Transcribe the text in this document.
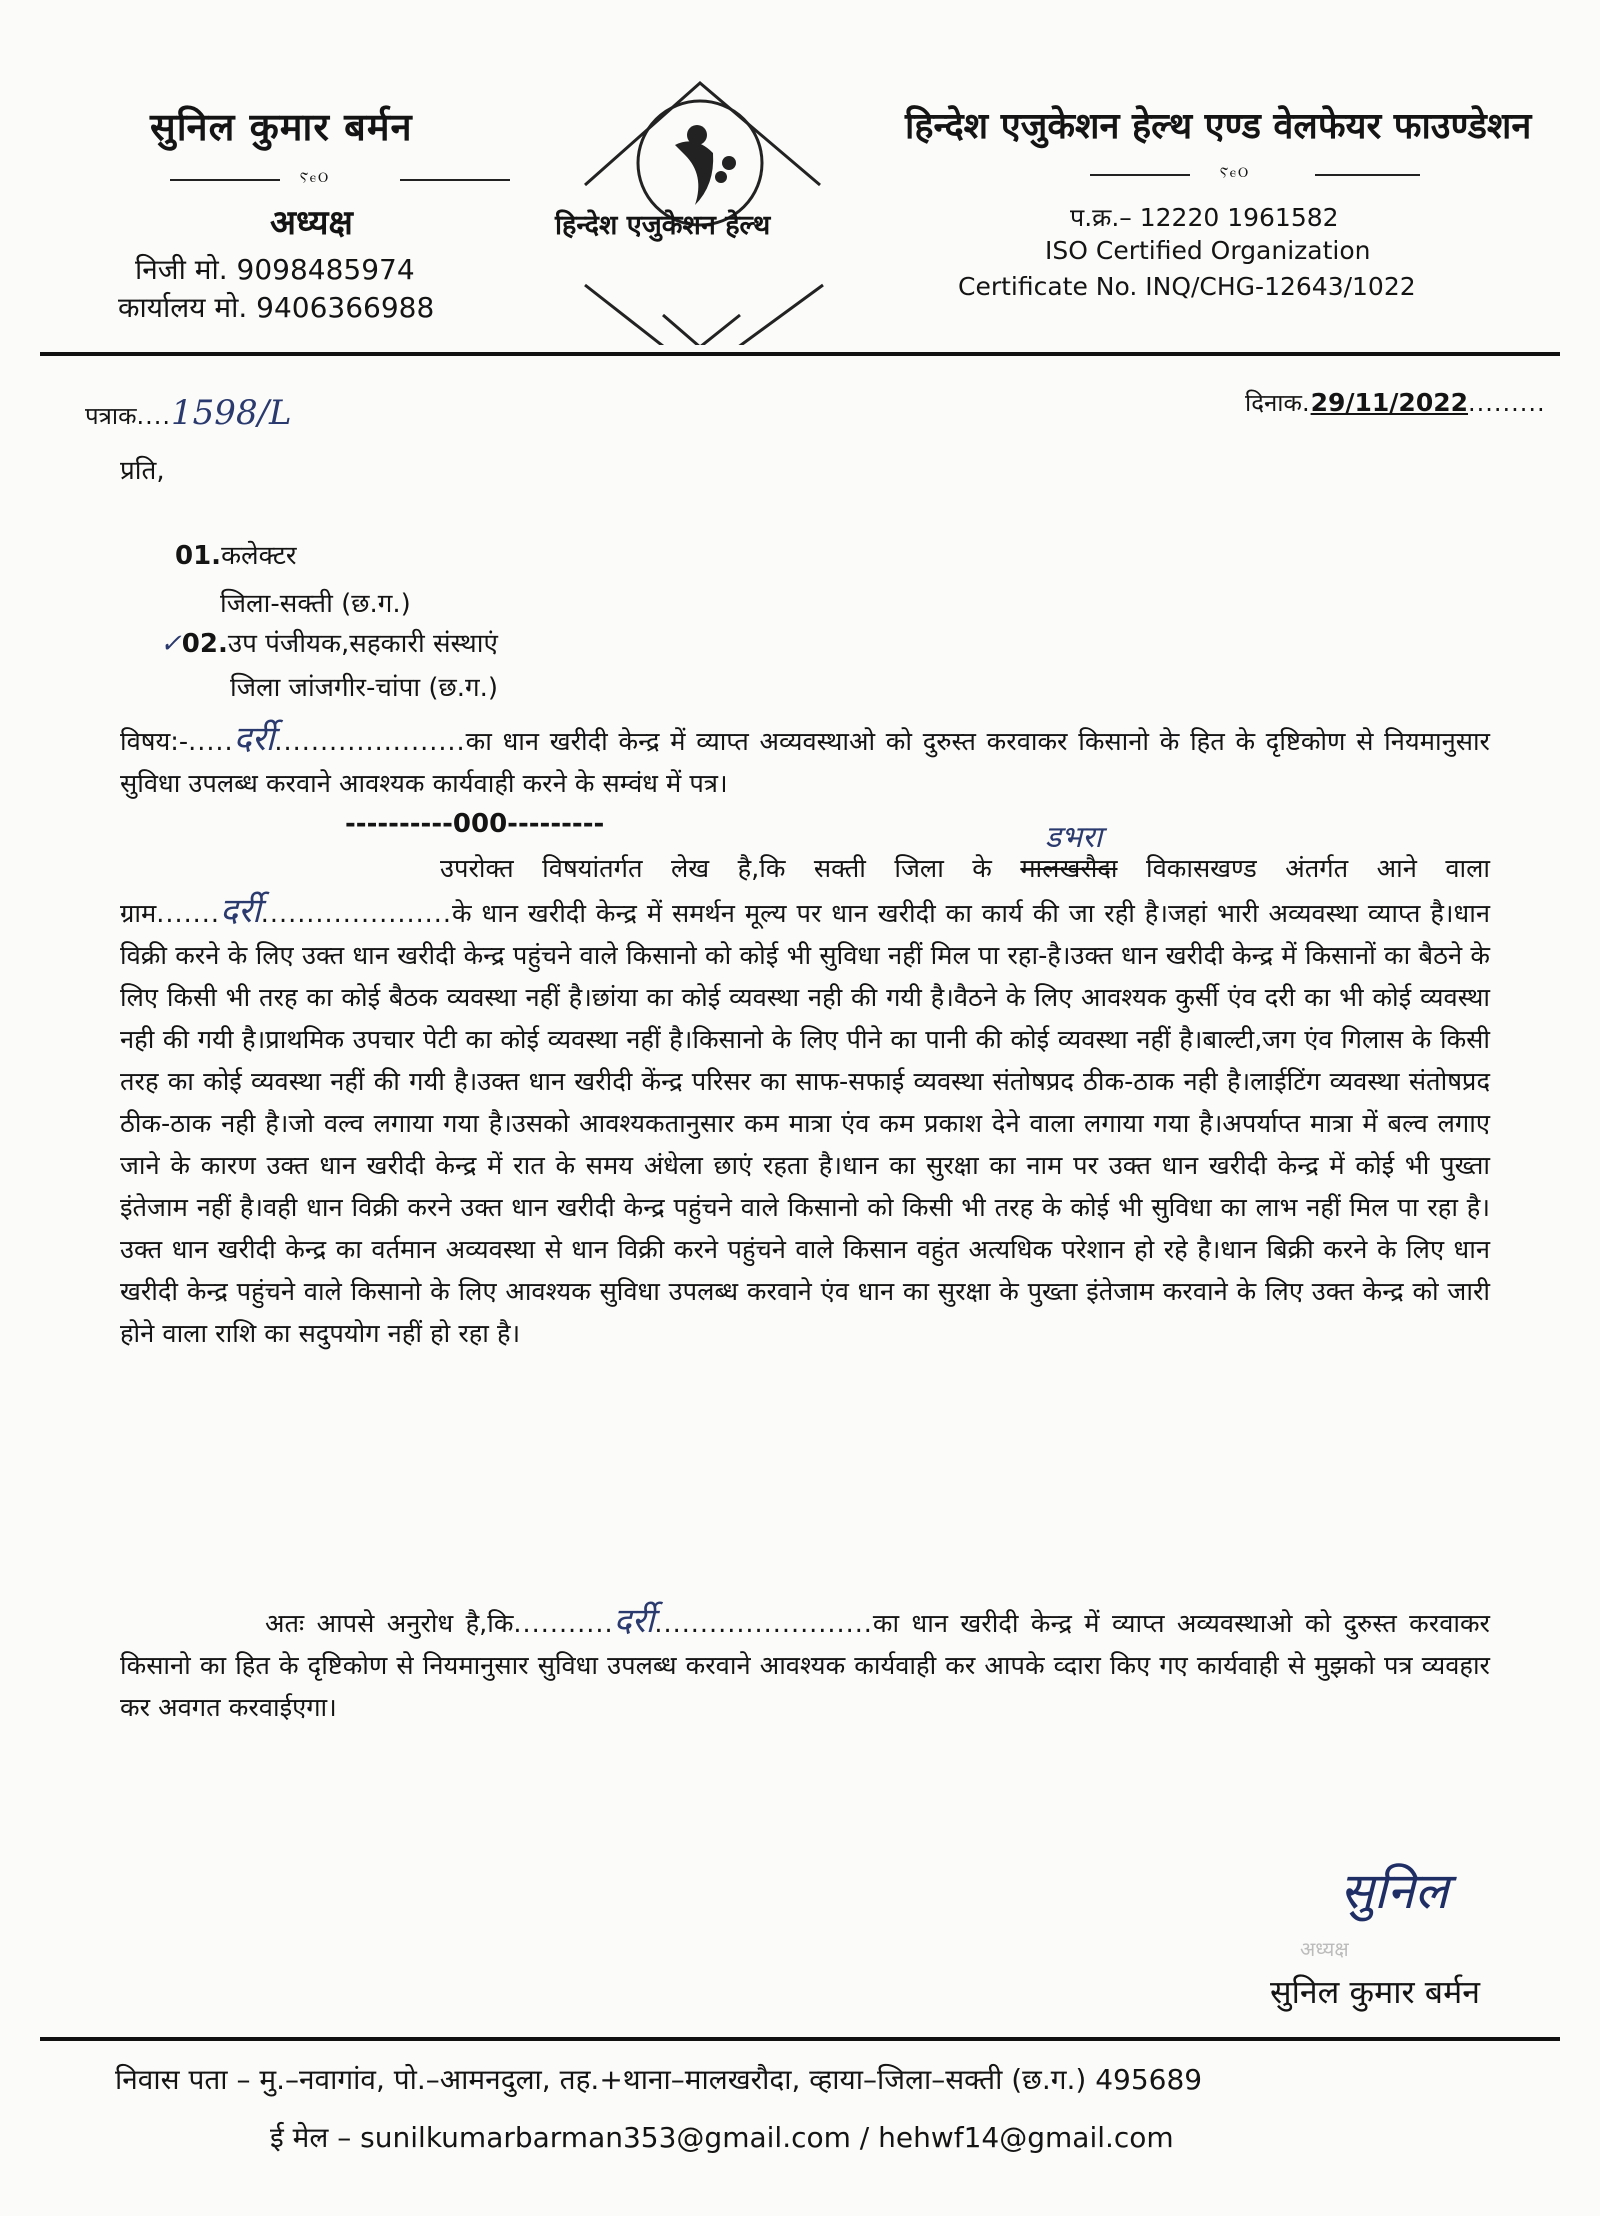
सुनिल कुमार बर्मन
ⲊⲉⲞ
अध्यक्ष
निजी मो. 9098485974
कार्यालय मो. 9406366988
हिन्देश एजुकेशन हेल्थ
हिन्देश एजुकेशन हेल्थ एण्ड वेलफेयर फाउण्डेशन
ⲊⲉⲞ
प.क्र.– 12220 1961582
ISO Certified Organization
Certificate No. INQ/CHG-12643/1022
पत्राक....1598/L	दिनाक.29/11/2022.........
प्रति,
01.कलेक्टर
जिला-सक्ती (छ.ग.)
✓02.उप पंजीयक,सहकारी संस्थाएं
जिला जांजगीर-चांपा (छ.ग.)
विषय:-.....दर्री.....................का धान खरीदी केन्द्र में व्याप्त अव्यवस्थाओ को दुरुस्त करवाकर किसानो के हित के दृष्टिकोण से नियमानुसार सुविधा उपलब्ध करवाने आवश्यक कार्यवाही करने के सम्वंध में पत्र।
----------000---------	डभरा
उपरोक्त विषयांतर्गत लेख है,कि सक्ती जिला के मालखरौदा विकासखण्ड अंतर्गत आने वाला ग्राम.......दर्री.....................के धान खरीदी केन्द्र में समर्थन मूल्य पर धान खरीदी का कार्य की जा रही है।जहां भारी अव्यवस्था व्याप्त है।धान विक्री करने के लिए उक्त धान खरीदी केन्द्र पहुंचने वाले किसानो को कोई भी सुविधा नहीं मिल पा रहा-है।उक्त धान खरीदी केन्द्र में किसानों का बैठने के लिए किसी भी तरह का कोई बैठक व्यवस्था नहीं है।छांया का कोई व्यवस्था नही की गयी है।वैठने के लिए आवश्यक कुर्सी एंव दरी का भी कोई व्यवस्था नही की गयी है।प्राथमिक उपचार पेटी का कोई व्यवस्था नहीं है।किसानो के लिए पीने का पानी की कोई व्यवस्था नहीं है।बाल्टी,जग एंव गिलास के किसी तरह का कोई व्यवस्था नहीं की गयी है।उक्त धान खरीदी केंन्द्र परिसर का साफ-सफाई व्यवस्था संतोषप्रद ठीक-ठाक नही है।लाईटिंग व्यवस्था संतोषप्रद ठीक-ठाक नही है।जो वल्व लगाया गया है।उसको आवश्यकतानुसार कम मात्रा एंव कम प्रकाश देने वाला लगाया गया है।अपर्याप्त मात्रा में बल्व लगाए जाने के कारण उक्त धान खरीदी केन्द्र में रात के समय अंधेला छाएं रहता है।धान का सुरक्षा का नाम पर उक्त धान खरीदी केन्द्र में कोई भी पुख्ता इंतेजाम नहीं है।वही धान विक्री करने उक्त धान खरीदी केन्द्र पहुंचने वाले किसानो को किसी भी तरह के कोई भी सुविधा का लाभ नहीं मिल पा रहा है।उक्त धान खरीदी केन्द्र का वर्तमान अव्यवस्था से धान विक्री करने पहुंचने वाले किसान वहुंत अत्यधिक परेशान हो रहे है।धान बिक्री करने के लिए धान खरीदी केन्द्र पहुंचने वाले किसानो के लिए आवश्यक सुविधा उपलब्ध करवाने एंव धान का सुरक्षा के पुख्ता इंतेजाम करवाने के लिए उक्त केन्द्र को जारी होने वाला राशि का सदुपयोग नहीं हो रहा है।
अतः आपसे अनुरोध है,कि...........दर्री........................का धान खरीदी केन्द्र में व्याप्त अव्यवस्थाओ को दुरुस्त करवाकर किसानो का हित के दृष्टिकोण से नियमानुसार सुविधा उपलब्ध करवाने आवश्यक कार्यवाही कर आपके व्दारा किए गए कार्यवाही से मुझको पत्र व्यवहार कर अवगत करवाईएगा।
सुनिल
अध्यक्ष
सुनिल कुमार बर्मन
निवास पता – मु.–नवागांव, पो.–आमनदुला, तह.+थाना–मालखरौदा, व्हाया–जिला–सक्ती (छ.ग.) 495689
ई मेल – sunilkumarbarman353@gmail.com / hehwf14@gmail.com
